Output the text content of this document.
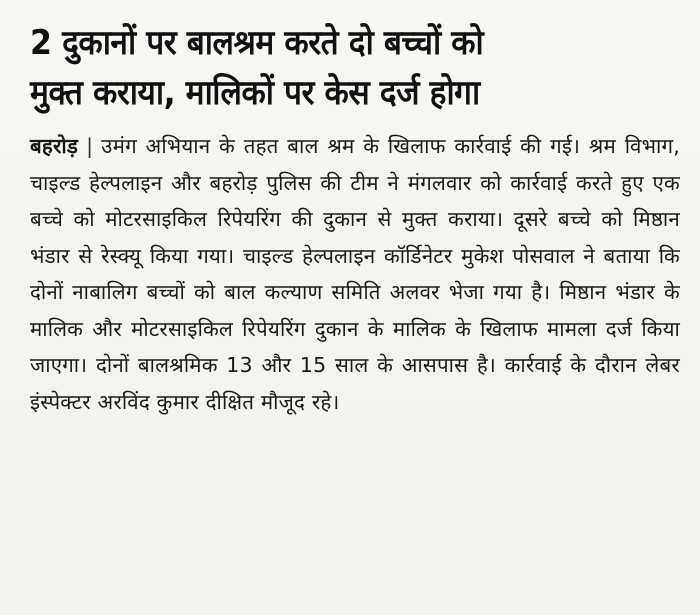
2 दुकानों पर बालश्रम करते दो बच्चों को
मुक्त कराया, मालिकों पर केस दर्ज होगा
बहरोड़ | उमंग अभियान के तहत बाल श्रम के खिलाफ कार्रवाई की गई। श्रम विभाग, चाइल्ड हेल्पलाइन और बहरोड़ पुलिस की टीम ने मंगलवार को कार्रवाई करते हुए एक बच्चे को मोटरसाइकिल रिपेयरिंग की दुकान से मुक्त कराया। दूसरे बच्चे को मिष्ठान भंडार से रेस्क्यू किया गया। चाइल्ड हेल्पलाइन कॉर्डिनेटर मुकेश पोसवाल ने बताया कि दोनों नाबालिग बच्चों को बाल कल्याण समिति अलवर भेजा गया है। मिष्ठान भंडार के मालिक और मोटरसाइकिल रिपेयरिंग दुकान के मालिक के खिलाफ मामला दर्ज किया जाएगा। दोनों बालश्रमिक 13 और 15 साल के आसपास है। कार्रवाई के दौरान लेबर इंस्पेक्टर अरविंद कुमार दीक्षित मौजूद रहे।
